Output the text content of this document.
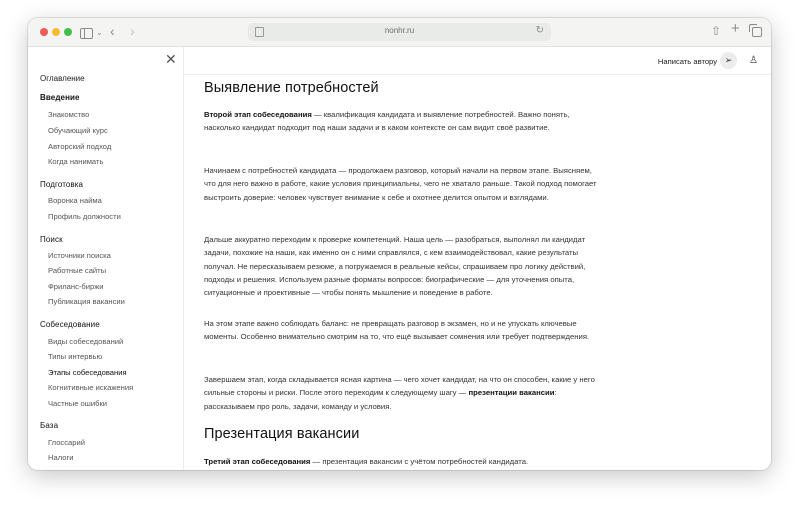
⌄ ‹ ›	nonhr.ru	↻	⇧ +
✕
Оглавление
Введение
Знакомство
Обучающий курс
Авторский подход
Когда нанимать
Подготовка
Воронка найма
Профиль должности
Поиск
Источники поиска
Работные сайты
Фриланс-биржи
Публикация вакансии
Собеседование
Виды собеседований
Типы интервью
Этапы собеседования
Когнитивные искажения
Частные ошибки
База
Глоссарий
Налоги
Написать автору ➢	♙
Выявление потребностей

Второй этап собеседования — квалификация кандидата и выявление потребностей. Важно понять, насколько кандидат подходит под наши задачи и в каком контексте он сам видит своё развитие.

Начинаем с потребностей кандидата — продолжаем разговор, который начали на первом этапе. Выясняем, что для него важно в работе, какие условия принципиальны, чего не хватало раньше. Такой подход помогает выстроить доверие: человек чувствует внимание к себе и охотнее делится опытом и взглядами.

Дальше аккуратно переходим к проверке компетенций. Наша цель — разобраться, выполнял ли кандидат задачи, похожие на наши, как именно он с ними справлялся, с кем взаимодействовал, какие результаты получал. Не пересказываем резюме, а погружаемся в реальные кейсы, спрашиваем про логику действий, подходы и решения. Используем разные форматы вопросов: биографические — для уточнения опыта, ситуационные и проективные — чтобы понять мышление и поведение в работе.

На этом этапе важно соблюдать баланс: не превращать разговор в экзамен, но и не упускать ключевые моменты. Особенно внимательно смотрим на то, что ещё вызывает сомнения или требует подтверждения.

Завершаем этап, когда складывается ясная картина — чего хочет кандидат, на что он способен, какие у него сильные стороны и риски. После этого переходим к следующему шагу — презентации вакансии: рассказываем про роль, задачи, команду и условия.

Презентация вакансии

Третий этап собеседования — презентация вакансии с учётом потребностей кандидата.
